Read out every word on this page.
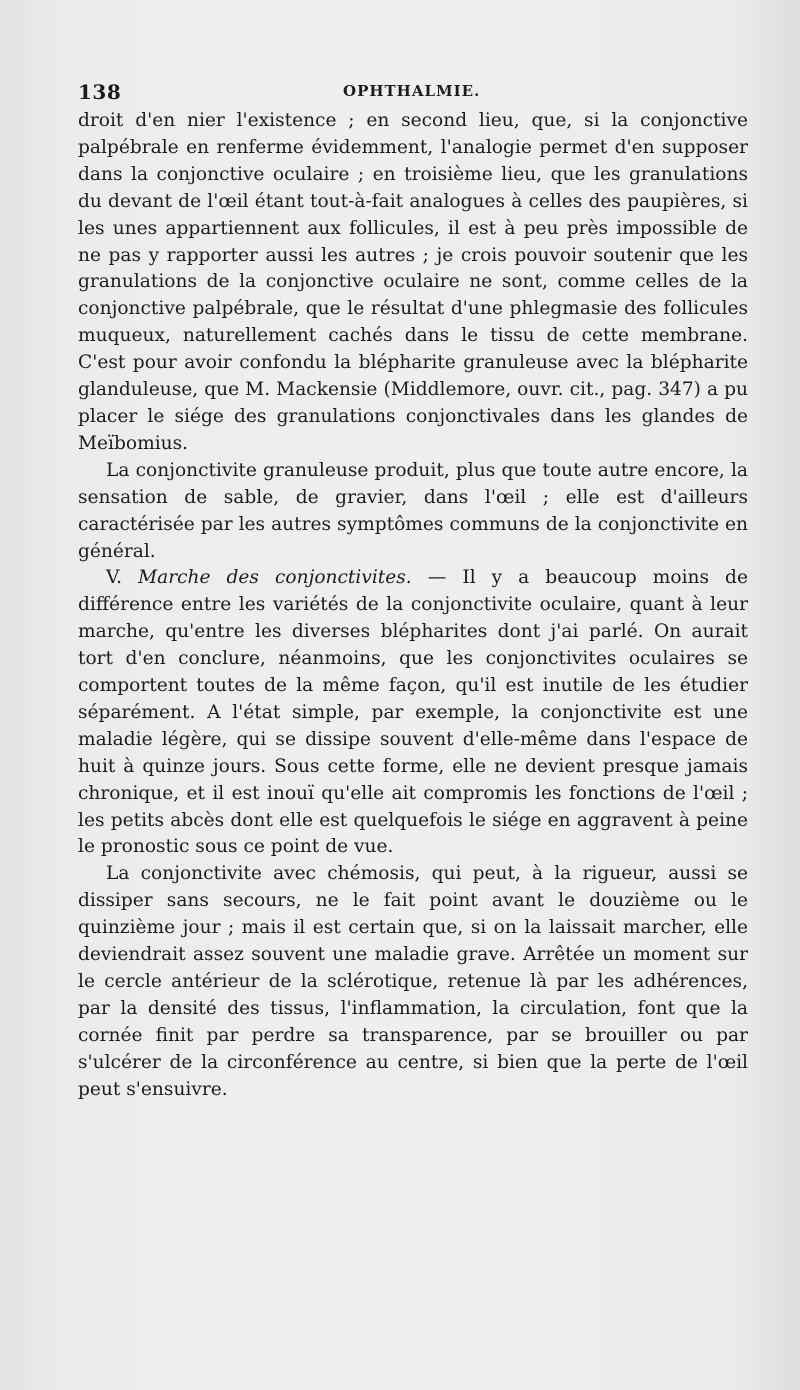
138	OPHTHALMIE.

droit d'en nier l'existence ; en second lieu, que, si la conjonctive palpébrale en renferme évidemment, l'analogie permet d'en supposer dans la conjonctive oculaire ; en troisième lieu, que les granulations du devant de l'œil étant tout-à-fait analogues à celles des paupières, si les unes appartiennent aux follicules, il est à peu près impossible de ne pas y rapporter aussi les autres ; je crois pouvoir soutenir que les granulations de la conjonctive oculaire ne sont, comme celles de la conjonctive palpébrale, que le résultat d'une phlegmasie des follicules muqueux, naturellement cachés dans le tissu de cette membrane. C'est pour avoir confondu la blépharite granuleuse avec la blépharite glanduleuse, que M. Mackensie (Middlemore, ouvr. cit., pag. 347) a pu placer le siége des granulations conjonctivales dans les glandes de Meïbomius.

La conjonctivite granuleuse produit, plus que toute autre encore, la sensation de sable, de gravier, dans l'œil ; elle est d'ailleurs caractérisée par les autres symptômes communs de la conjonctivite en général.

V. Marche des conjonctivites. — Il y a beaucoup moins de différence entre les variétés de la conjonctivite oculaire, quant à leur marche, qu'entre les diverses blépharites dont j'ai parlé. On aurait tort d'en conclure, néanmoins, que les conjonctivites oculaires se comportent toutes de la même façon, qu'il est inutile de les étudier séparément. A l'état simple, par exemple, la conjonctivite est une maladie légère, qui se dissipe souvent d'elle-même dans l'espace de huit à quinze jours. Sous cette forme, elle ne devient presque jamais chronique, et il est inouï qu'elle ait compromis les fonctions de l'œil ; les petits abcès dont elle est quelquefois le siége en aggravent à peine le pronostic sous ce point de vue.

La conjonctivite avec chémosis, qui peut, à la rigueur, aussi se dissiper sans secours, ne le fait point avant le douzième ou le quinzième jour ; mais il est certain que, si on la laissait marcher, elle deviendrait assez souvent une maladie grave. Arrêtée un moment sur le cercle antérieur de la sclérotique, retenue là par les adhérences, par la densité des tissus, l'inflammation, la circulation, font que la cornée finit par perdre sa transparence, par se brouiller ou par s'ulcérer de la circonférence au centre, si bien que la perte de l'œil peut s'ensuivre.
